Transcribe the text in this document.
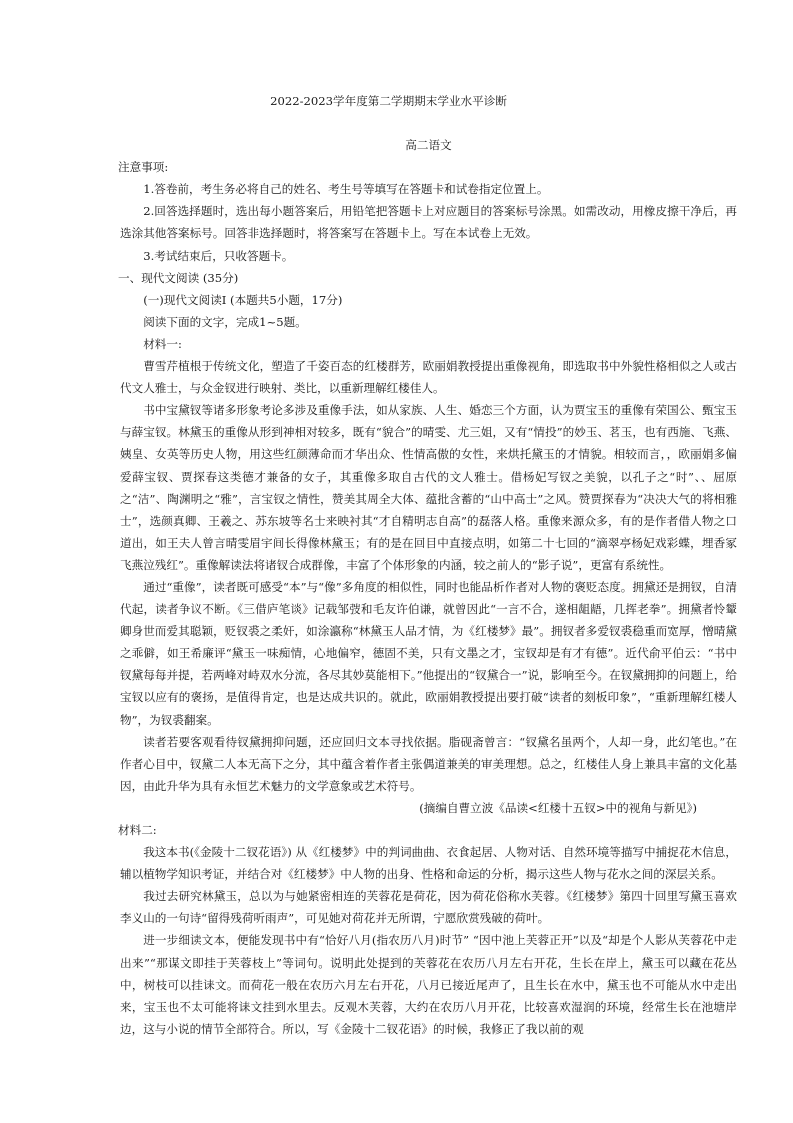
2022-2023学年度第二学期期末学业水平诊断

高二语文

注意事项:

1.答卷前，考生务必将自己的姓名、考生号等填写在答题卡和试卷指定位置上。

2.回答选择题时，选出每小题答案后，用铅笔把答题卡上对应题目的答案标号涂黑。如需改动，用橡皮擦干净后，再选涂其他答案标号。回答非选择题时，将答案写在答题卡上。写在本试卷上无效。

3.考试结束后，只收答题卡。

一、现代文阅读 (35分)

(一)现代文阅读Ⅰ (本题共5小题，17分)

阅读下面的文字，完成1~5题。

材料一:

曹雪芹植根于传统文化，塑造了千姿百态的红楼群芳，欧丽娟教授提出重像视角，即选取书中外貌性格相似之人或古代文人雅士，与众金钗进行映射、类比，以重新理解红楼佳人。

书中宝黛钗等诸多形象考论多涉及重像手法，如从家族、人生、婚恋三个方面，认为贾宝玉的重像有荣国公、甄宝玉与薛宝钗。林黛玉的重像从形到神相对较多，既有“貌合”的晴雯、尤三姐，又有“情投”的妙玉、茗玉，也有西施、飞燕、姨皇、女英等历史人物，用这些红颜薄命而才华出众、性情高傲的女性，来烘托黛玉的才情貌。相较而言，，欧丽娟多偏爱薛宝钗、贾探春这类德才兼备的女子，其重像多取自古代的文人雅士。借杨妃写钗之美貌，以孔子之“时”、、屈原之“洁”、陶渊明之“雅”，言宝钗之情性，赞美其周全大体、蕴批含蓄的“山中高士”之风。赞贾探春为“决决大气的将相雅士”，选颜真卿、王羲之、苏东坡等名士来映衬其“才自精明志自高”的磊落人格。重像来源众多，有的是作者借人物之口道出，如王夫人曾言晴雯眉宇间长得像林黛玉；有的是在回目中直接点明，如第二十七回的“滴翠亭杨妃戏彩蝶，埋香冢飞燕泣残红”。重像解读法将诸钗合成群像，丰富了个体形象的内涵，较之前人的“影子说”，更富有系统性。

通过“重像”，读者既可感受“本”与“像”多角度的相似性，同时也能品析作者对人物的褒贬态度。拥黛还是拥钗，自清代起，读者争议不断。《三借庐笔谈》记载邹弢和毛友许伯谦，就曾因此“一言不合，遂相龃龉，几挥老拳”。拥黛者怜颦卿身世而爱其聪颖，贬钗裘之柔奸，如涂瀛称“林黛玉人品才情，为《红楼梦》最”。拥钗者多爱钗裘稳重而宽厚，憎晴黛之乖僻，如王希廉评“黛玉一味痴情，心地偏窄，德固不美，只有文墨之才，宝钗却是有才有德”。近代俞平伯云：“书中钗黛每每并提，若两峰对峙双水分流，各尽其妙莫能相下。”他提出的“钗黛合一”说，影响至今。在钗黛拥抑的问题上，给宝钗以应有的褒扬，是值得肯定，也是达成共识的。就此，欧丽娟教授提出要打破“读者的刻板印象”，“重新理解红楼人物”，为钗裘翻案。

读者若要客观看待钗黛拥抑问题，还应回归文本寻找依据。脂砚斋曾言：“钗黛名虽两个，人却一身，此幻笔也。”在作者心目中，钗黛二人本无高下之分，其中蕴含着作者主张偶道兼美的审美理想。总之，红楼佳人身上兼具丰富的文化基因，由此升华为具有永恒艺术魅力的文学意象或艺术符号。

(摘编自曹立波《品读<红楼十五钗>中的视角与新见》)

材料二:

我这本书(《金陵十二钗花语》) 从《红楼梦》中的判词曲曲、衣食起居、人物对话、自然环境等描写中捕捉花木信息，辅以植物学知识考证，并结合对《红楼梦》中人物的出身、性格和命运的分析，揭示这些人物与花水之间的深层关系。

我过去研究林黛玉，总以为与她紧密相连的芙蓉花是荷花，因为荷花俗称水芙蓉。《红楼梦》第四十回里写黛玉喜欢李义山的一句诗“留得残荷听雨声”，可见她对荷花并无所谓，宁愿欣赏残破的荷叶。

进一步细读文本，便能发现书中有“恰好八月(指农历八月)时节” “因中池上芙蓉正开”以及“却是个人影从芙蓉花中走出来”“那谋文即挂于芙蓉枝上”等词句。说明此处提到的芙蓉花在农历八月左右开花，生长在岸上，黛玉可以藏在花丛中，树枝可以挂诔文。而荷花一般在农历六月左右开花，八月已接近尾声了，且生长在水中，黛玉也不可能从水中走出来，宝玉也不太可能将诔文挂到水里去。反观木芙蓉，大约在农历八月开花，比较喜欢湿润的环境，经常生长在池塘岸边，这与小说的情节全部符合。所以，写《金陵十二钗花语》的时候，我修正了我以前的观
